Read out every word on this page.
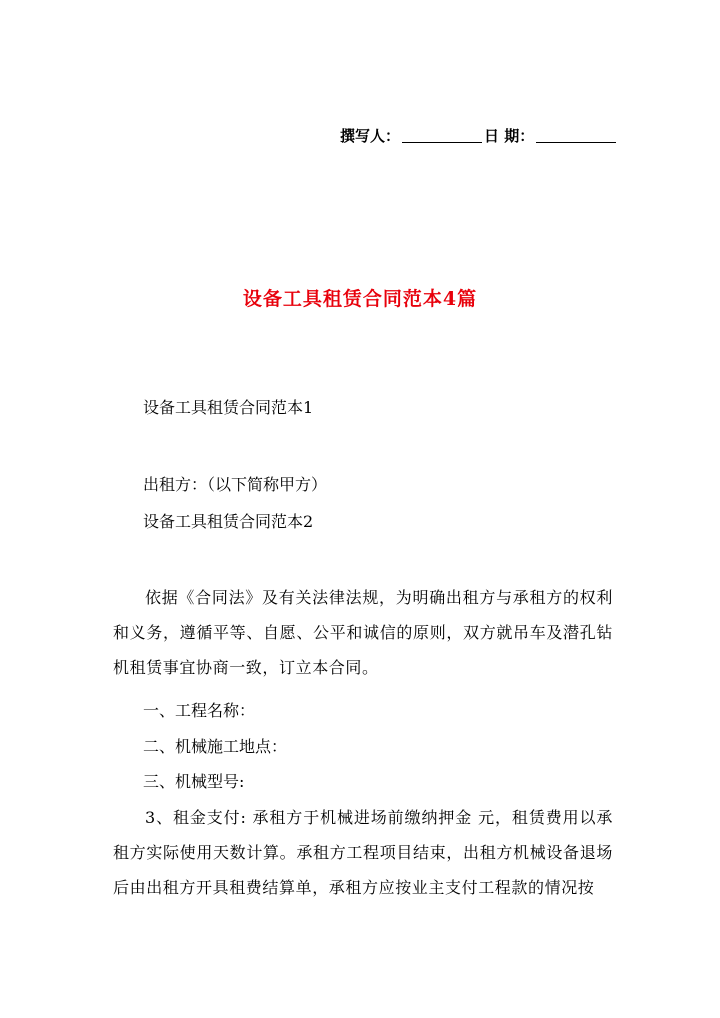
撰写人：	日 期：
设备工具租赁合同范本4篇
设备工具租赁合同范本1
出租方：（以下简称甲方）
设备工具租赁合同范本2
依据《合同法》及有关法律法规，为明确出租方与承租方的权利和义务，遵循平等、自愿、公平和诚信的原则，双方就吊车及潜孔钻机租赁事宜协商一致，订立本合同。
一、工程名称：
二、机械施工地点：
三、机械型号:
3、租金支付: 承租方于机械进场前缴纳押金 元，租赁费用以承租方实际使用天数计算。承租方工程项目结束，出租方机械设备退场后由出租方开具租费结算单，承租方应按业主支付工程款的情况按
